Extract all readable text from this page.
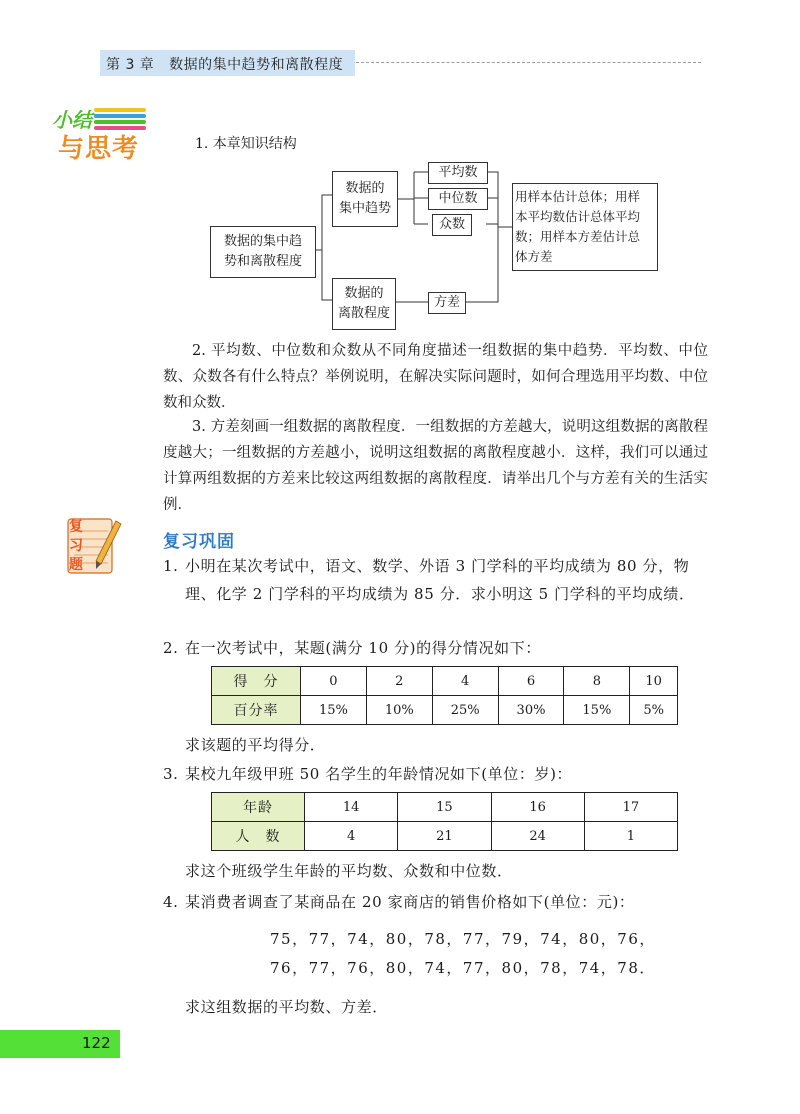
第 3 章 数据的集中趋势和离散程度
小结
与思考	1. 本章知识结构
数据的集中趋
势和离散程度
数据的
集中趋势
数据的
离散程度
平均数
中位数
众数
方差
用样本估计总体；用样
本平均数估计总体平均
数；用样本方差估计总
体方差
2. 平均数、中位数和众数从不同角度描述一组数据的集中趋势．平均数、中位数、众数各有什么特点？举例说明，在解决实际问题时，如何合理选用平均数、中位数和众数．
3. 方差刻画一组数据的离散程度．一组数据的方差越大，说明这组数据的离散程度越大；一组数据的方差越小，说明这组数据的离散程度越小．这样，我们可以通过计算两组数据的方差来比较这两组数据的离散程度．请举出几个与方差有关的生活实例．
复
习
题
复习巩固
1. 小明在某次考试中，语文、数学、外语 3 门学科的平均成绩为 80 分，物理、化学 2 门学科的平均成绩为 85 分．求小明这 5 门学科的平均成绩．
2. 在一次考试中，某题(满分 10 分)的得分情况如下：
得　分	0	2	4	6	8	10
百分率	15%	10%	25%	30%	15%	5%
求该题的平均得分．
3. 某校九年级甲班 50 名学生的年龄情况如下(单位：岁)：
年龄	14	15	16	17
人　数	4	21	24	1
求这个班级学生年龄的平均数、众数和中位数．
4. 某消费者调查了某商品在 20 家商店的销售价格如下(单位：元)：
75，77，74，80，78，77，79，74，80，76，
76，77，76，80，74，77，80，78，74，78．
求这组数据的平均数、方差．
122
